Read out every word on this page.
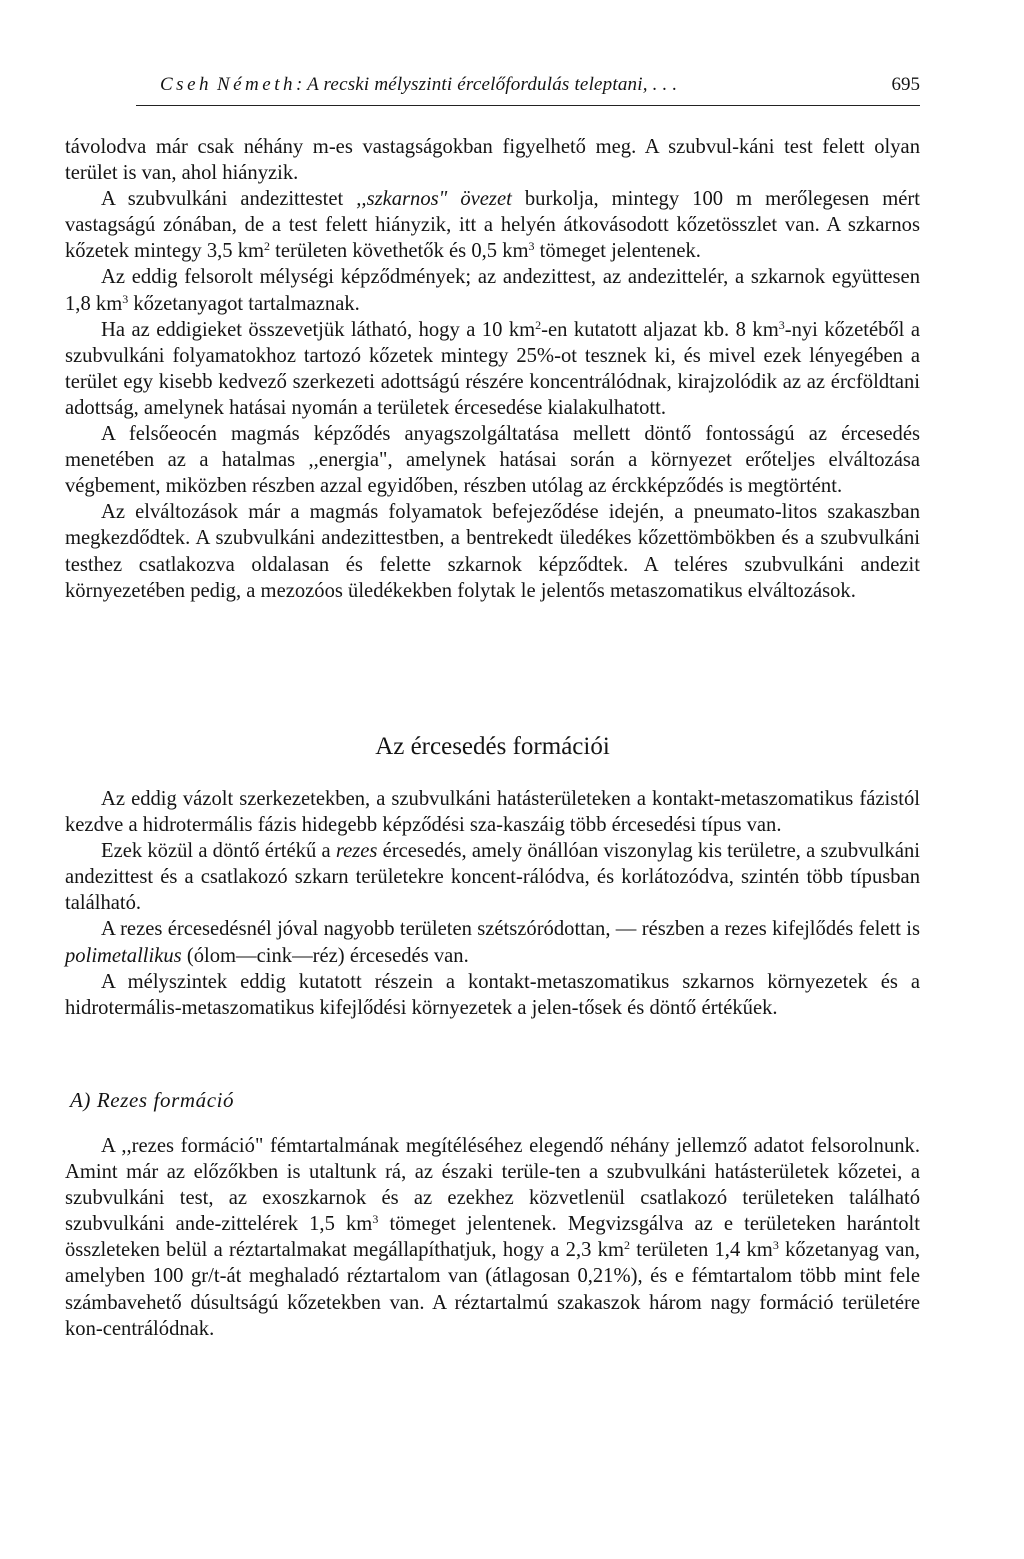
Cseh Németh: A recski mélyszinti ércelőfordulás teleptani, . . .	695

távolodva már csak néhány m-es vastagságokban figyelhető meg. A szubvul-káni test felett olyan terület is van, ahol hiányzik.

A szubvulkáni andezittestet ,,szkarnos" övezet burkolja, mintegy 100 m merőlegesen mért vastagságú zónában, de a test felett hiányzik, itt a helyén átkovásodott kőzetösszlet van. A szkarnos kőzetek mintegy 3,5 $km^2$ területen követhetők és 0,5 $km^3$ tömeget jelentenek.

Az eddig felsorolt mélységi képződmények; az andezittest, az andezittelér, a szkarnok együttesen 1,8 $km^3$ kőzetanyagot tartalmaznak.

Ha az eddigieket összevetjük látható, hogy a 10 $km^2-en$ kutatott aljazat kb. 8 $km^3$-nyi kőzetéből a szubvulkáni folyamatokhoz tartozó kőzetek mintegy 25%-ot tesznek ki, és mivel ezek lényegében a terület egy kisebb kedvező szerkezeti adottságú részére koncentrálódnak, kirajzolódik az az ércföldtani adottság, amelynek hatásai nyomán a területek ércesedése kialakulhatott.

A felsőeocén magmás képződés anyagszolgáltatása mellett döntő fontosságú az ércesedés menetében az a hatalmas ,,energia", amelynek hatásai során a környezet erőteljes elváltozása végbement, miközben részben azzal egyidőben, részben utólag az érckképződés is megtörtént.

Az elváltozások már a magmás folyamatok befejeződése idején, a pneumato-litos szakaszban megkezdődtek. A szubvulkáni andezittestben, a bentrekedt üledékes kőzettömbökben és a szubvulkáni testhez csatlakozva oldalasan és felette szkarnok képződtek. A teléres szubvulkáni andezit környezetében pedig, a mezozóos üledékekben folytak le jelentős metaszomatikus elváltozások.

Az ércesedés formációi

Az eddig vázolt szerkezetekben, a szubvulkáni hatásterületeken a kontakt-metaszomatikus fázistól kezdve a hidrotermális fázis hidegebb képződési sza-kaszáig több ércesedési típus van.

Ezek közül a döntő értékű a rezes ércesedés, amely önállóan viszonylag kis területre, a szubvulkáni andezittest és a csatlakozó szkarn területekre koncent-rálódva, és korlátozódva, szintén több típusban található.

A rezes ércesedésnél jóval nagyobb területen szétszóródottan, — részben a rezes kifejlődés felett is polimetallikus (ólom—cink—réz) ércesedés van.

A mélyszintek eddig kutatott részein a kontakt-metaszomatikus szkarnos környezetek és a hidrotermális-metaszomatikus kifejlődési környezetek a jelen-tősek és döntő értékűek.

A) Rezes formáció

A ,,rezes formáció" fémtartalmának megítéléséhez elegendő néhány jellemző adatot felsorolnunk. Amint már az előzőkben is utaltunk rá, az északi terüle-ten a szubvulkáni hatásterületek kőzetei, a szubvulkáni test, az exoszkarnok és az ezekhez közvetlenül csatlakozó területeken található szubvulkáni ande-zittelérek 1,5 $km^3$ tömeget jelentenek. Megvizsgálva az e területeken harántolt összleteken belül a réztartalmakat megállapíthatjuk, hogy a 2,3 $km^2$ területen 1,4 $km^3$ kőzetanyag van, amelyben 100 gr/t-át meghaladó réztartalom van (átlagosan 0,21%), és e fémtartalom több mint fele számbavehető dúsultságú kőzetekben van. A réztartalmú szakaszok három nagy formáció területére kon-centrálódnak.
